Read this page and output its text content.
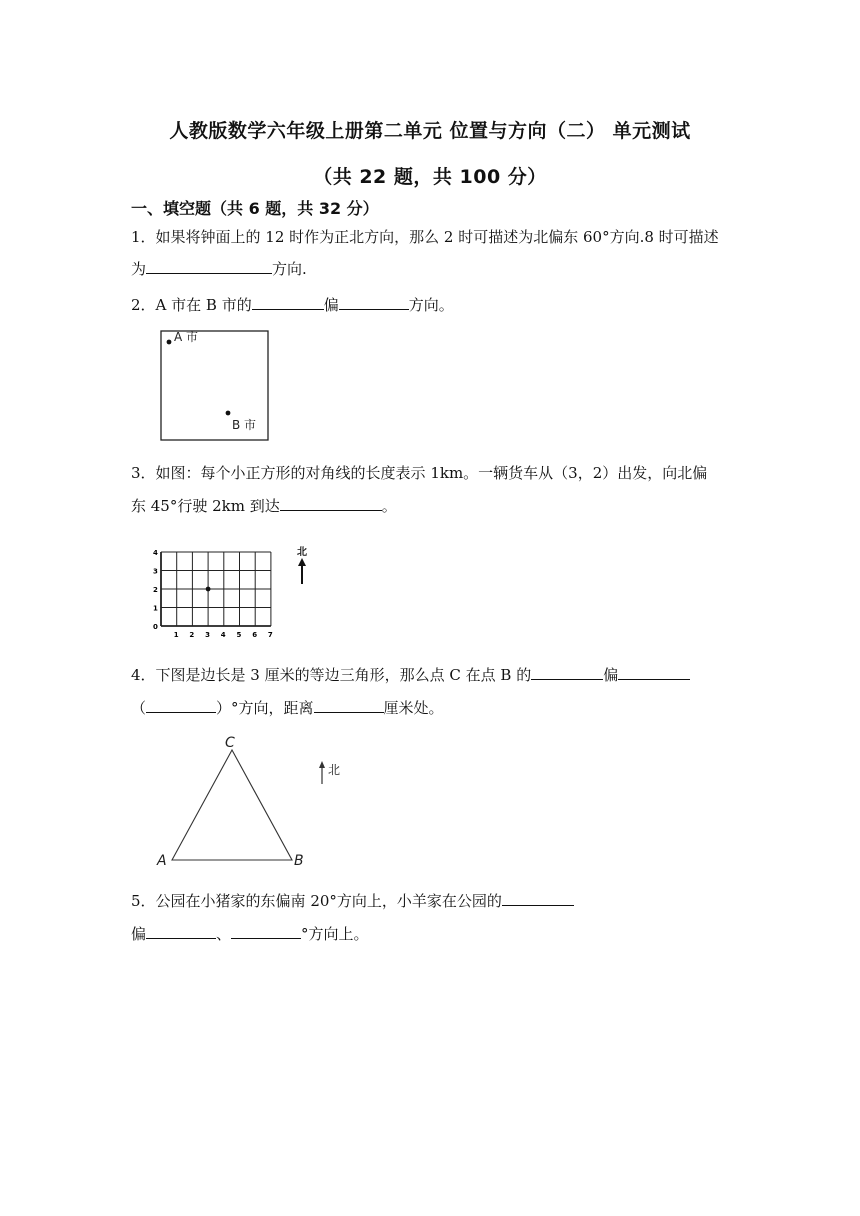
人教版数学六年级上册第二单元 位置与方向（二） 单元测试
（共 22 题，共 100 分）
一、填空题（共 6 题，共 32 分）
1．如果将钟面上的 12 时作为正北方向，那么 2 时可描述为北偏东 60°方向.8 时可描述
为	方向.
2．A 市在 B 市的	偏	方向。
A 市
B 市
3．如图：每个小正方形的对角线的长度表示 1km。一辆货车从（3，2）出发，向北偏
东 45°行驶 2km 到达	。
1 2 3 4 5 6 7
0
1
2
3
4	北
4．下图是边长是 3 厘米的等边三角形，那么点 C 在点 B 的	偏
（	）°方向，距离	厘米处。
C
A	B
北
5．公园在小猪家的东偏南 20°方向上，小羊家在公园的
偏	、	°方向上。
